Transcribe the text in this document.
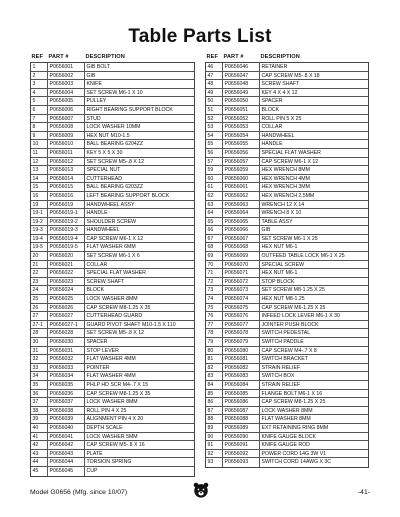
Table Parts List
REF PART #	DESCRIPTION
1	P0656001	GIB BOLT
2	P0656002	GIB
3	P0656003	KNIFE
4	P0656004	SET SCREW M6-1 X 10
5	P0656005	PULLEY
6	P0656006	RIGHT BEARING SUPPORT BLOCK
7	P0656007	STUD
8	P0656008	LOCK WASHER 10MM
9	P0656009	HEX NUT M10-1.5
10	P0656010	BALL BEARING 6204ZZ
11	P0656011	KEY 5 X 5 X 30
12	P0656012	SET SCREW M5-.8 X 12
13	P0656013	SPECIAL NUT
14	P0656014	CUTTERHEAD
15	P0656015	BALL BEARING 6203ZZ
16	P0656016	LEFT BEARING SUPPORT BLOCK
19	P0656019	HANDWHEEL ASSY
19-1	P0656019-1	HANDLE
19-2	P0656019-2	SHOULDER SCREW
19-3	P0656019-3	HANDWHEEL
19-4	P0656019-4	CAP SCREW M6-1 X 12
19-5	P0656019-5	FLAT WASHER 6MM
20	P0656020	SET SCREW M6-1 X 6
21	P0656021	COLLAR
22	P0656022	SPECIAL FLAT WASHER
23	P0656023	SCREW SHAFT
24	P0656024	BLOCK
25	P0656025	LOCK WASHER 8MM
26	P0656026	CAP SCREW M8-1.25 X 35
27	P0656027	CUTTERHEAD GUARD
27-1	P0656027-1	GUARD PIVOT SHAFT M10-1.5 X 110
28	P0656028	SET SCREW M5-.8 X 12
30	P0656030	SPACER
31	P0656031	STOP LEVER
32	P0656032	FLAT WASHER 4MM
33	P0656033	POINTER
34	P0656034	FLAT WASHER 4MM
35	P0656035	PHLP HD SCR M4-.7 X 15
36	P0656036	CAP SCREW M8-1.25 X 35
37	P0656037	LOCK WASHER 8MM
38	P0656038	ROLL PIN 4 X 25
39	P0656039	ALIGNMENT PIN 4 X 20
40	P0656040	DEPTH SCALE
41	P0656041	LOCK WASHER 5MM
42	P0656042	CAP SCREW M5-.8 X 16
43	P0656043	PLATE
44	P0656044	TORSION SPRING
45	P0656045	CUP
REF PART #	DESCRIPTION
46	P0656046	RETAINER
47	P0656047	CAP SCREW M5-.8 X 18
48	P0656048	SCREW SHAFT
49	P0656049	KEY 4 X 4 X 12
50	P0656050	SPACER
51	P0656051	BLOCK
52	P0656052	ROLL PIN 5 X 25
53	P0656053	COLLAR
54	P0656054	HANDWHEEL
55	P0656055	HANDLE
56	P0656056	SPECIAL FLAT WASHER
57	P0656057	CAP SCREW M6-1 X 12
59	P0656059	HEX WRENCH 8MM
60	P0656060	HEX WRENCH 4MM
61	P0656061	HEX WRENCH 3MM
62	P0656062	HEX WRENCH 2.5MM
63	P0656063	WRENCH 12 X 14
64	P0656064	WRENCH 8 X 10
65	P0656065	TABLE ASSY
66	P0656066	GIB
67	P0656067	SET SCREW M6-1 X 25
68	P0656068	HEX NUT M6-1
69	P0656069	OUTFEED TABLE LOCK M6-1 X 25
70	P0656070	SPECIAL SCREW
71	P0656071	HEX NUT M6-1
72	P0656072	STOP BLOCK
73	P0656073	SET SCREW M8-1.25 X 25
74	P0656074	HEX NUT M8-1.25
75	P0656075	CAP SCREW M6-1.25 X 25
76	P0656076	INFEED LOCK LEVER M6-1 X 30
77	P0656077	JOINTER PUSH BLOCK
78	P0656078	SWITCH PEDESTAL
79	P0656079	SWITCH PADDLE
80	P0656080	CAP SCREW M4-.7 X 8
81	P0656081	SWITCH BRACKET
82	P0656082	STRAIN RELIEF
83	P0656083	SWITCH BOX
84	P0656084	STRAIN RELIEF
85	P0656085	FLANGE BOLT M6-1 X 16
86	P0656086	CAP SCREW M8-1.25 X 25
87	P0656087	LOCK WASHER 8MM
88	P0656088	FLAT WASHER 8MM
89	P0656089	EXT RETAINING RING 8MM
90	P0656090	KNIFE GAUGE BLOCK
91	P0656091	KNIFE GAUGE ROD
92	P0656092	POWER CORD 14G 3W V1
93	P0656093	SWITCH CORD 14AWG X 3C
Model G0656 (Mfg. since 10/07)	-41-
